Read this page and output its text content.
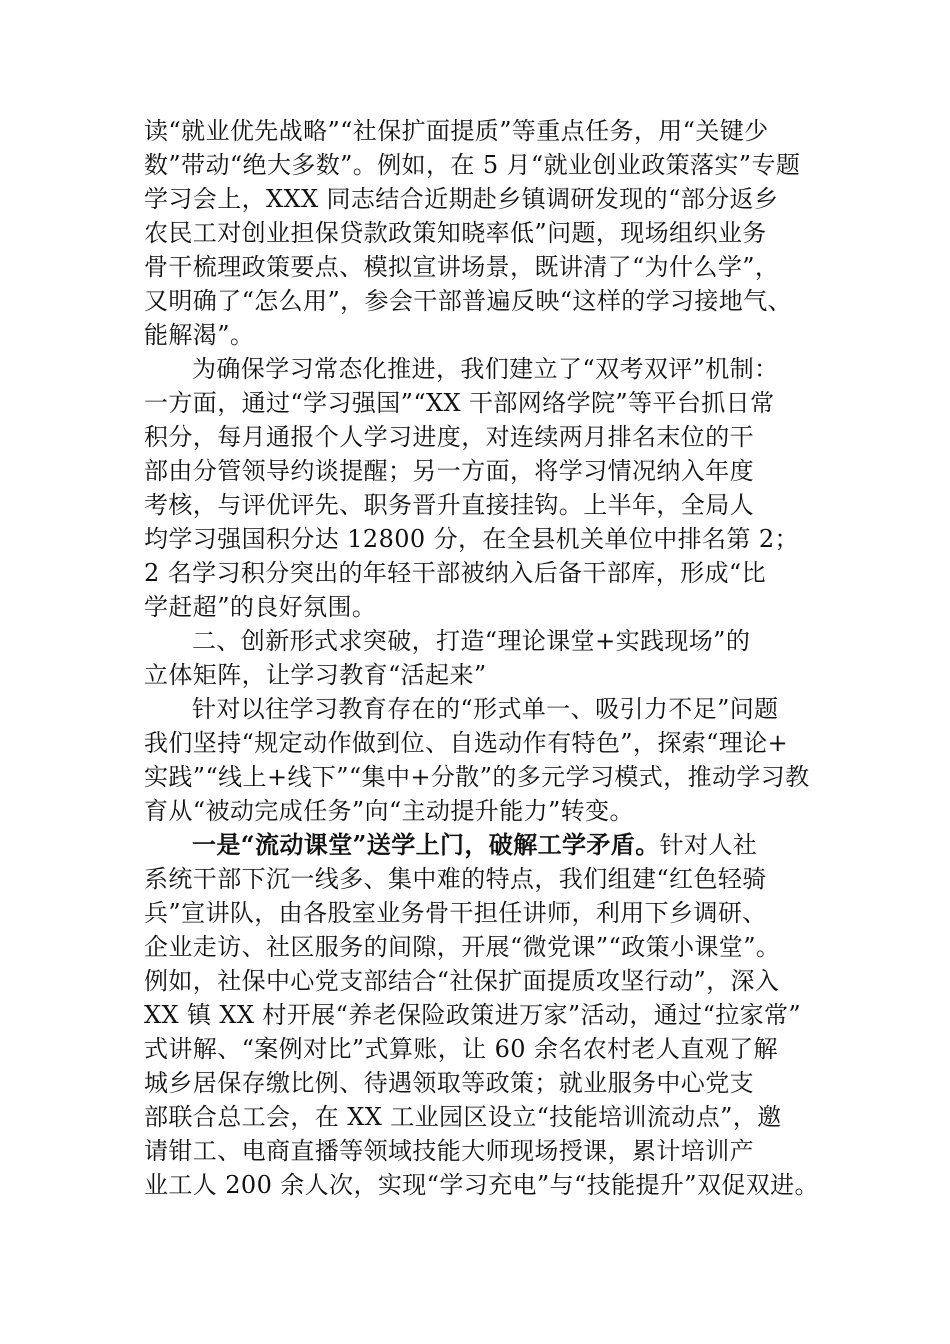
读“就业优先战略”“社保扩面提质”等重点任务，用“关键少
数”带动“绝大多数”。例如，在 5 月“就业创业政策落实”专题
学习会上，XXX 同志结合近期赴乡镇调研发现的“部分返乡
农民工对创业担保贷款政策知晓率低”问题，现场组织业务
骨干梳理政策要点、模拟宣讲场景，既讲清了“为什么学”，
又明确了“怎么用”，参会干部普遍反映“这样的学习接地气、
能解渴”。
为确保学习常态化推进，我们建立了“双考双评”机制：
一方面，通过“学习强国”“XX 干部网络学院”等平台抓日常
积分，每月通报个人学习进度，对连续两月排名末位的干
部由分管领导约谈提醒；另一方面，将学习情况纳入年度
考核，与评优评先、职务晋升直接挂钩。上半年，全局人
均学习强国积分达 12800 分，在全县机关单位中排名第 2；
2 名学习积分突出的年轻干部被纳入后备干部库，形成“比
学赶超”的良好氛围。
二、创新形式求突破，打造“理论课堂+实践现场”的
立体矩阵，让学习教育“活起来”
针对以往学习教育存在的“形式单一、吸引力不足”问题
我们坚持“规定动作做到位、自选动作有特色”，探索“理论+
实践”“线上+线下”“集中+分散”的多元学习模式，推动学习教
育从“被动完成任务”向“主动提升能力”转变。
一是“流动课堂”送学上门，破解工学矛盾。针对人社
系统干部下沉一线多、集中难的特点，我们组建“红色轻骑
兵”宣讲队，由各股室业务骨干担任讲师，利用下乡调研、
企业走访、社区服务的间隙，开展“微党课”“政策小课堂”。
例如，社保中心党支部结合“社保扩面提质攻坚行动”，深入
XX 镇 XX 村开展“养老保险政策进万家”活动，通过“拉家常”
式讲解、“案例对比”式算账，让 60 余名农村老人直观了解
城乡居保存缴比例、待遇领取等政策；就业服务中心党支
部联合总工会，在 XX 工业园区设立“技能培训流动点”，邀
请钳工、电商直播等领域技能大师现场授课，累计培训产
业工人 200 余人次，实现“学习充电”与“技能提升”双促双进。
